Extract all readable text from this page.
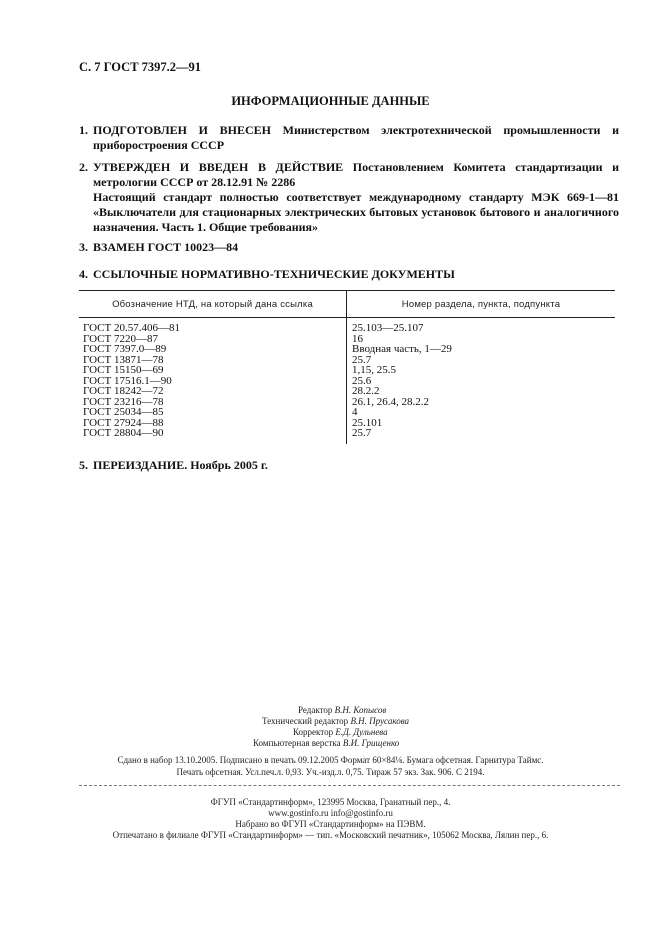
С. 7 ГОСТ 7397.2—91
ИНФОРМАЦИОННЫЕ ДАННЫЕ
1. ПОДГОТОВЛЕН И ВНЕСЕН Министерством электротехнической промышленности и приборостроения СССР
2. УТВЕРЖДЕН И ВВЕДЕН В ДЕЙСТВИЕ Постановлением Комитета стандартизации и метрологии СССР от 28.12.91 № 2286
Настоящий стандарт полностью соответствует международному стандарту МЭК 669-1—81 «Выключатели для стационарных электрических бытовых установок бытового и аналогичного назначения. Часть 1. Общие требования»
3. ВЗАМЕН ГОСТ 10023—84
4. ССЫЛОЧНЫЕ НОРМАТИВНО-ТЕХНИЧЕСКИЕ ДОКУМЕНТЫ
Обозначение НТД, на который дана ссылка	Номер раздела, пункта, подпункта
ГОСТ 20.57.406—81	25.103—25.107
ГОСТ 7220—87	16
ГОСТ 7397.0—89	Вводная часть, 1—29
ГОСТ 13871—78	25.7
ГОСТ 15150—69	1,15, 25.5
ГОСТ 17516.1—90	25.6
ГОСТ 18242—72	28.2.2
ГОСТ 23216—78	26.1, 26.4, 28.2.2
ГОСТ 25034—85	4
ГОСТ 27924—88	25.101
ГОСТ 28804—90	25.7
5. ПЕРЕИЗДАНИЕ. Ноябрь 2005 г.
Редактор В.Н. Копысов
Технический редактор В.Н. Прусакова
Корректор Е.Д. Дульнева
Компьютерная верстка В.И. Грищенко
Сдано в набор 13.10.2005. Подписано в печать 09.12.2005 Формат 60×84⅛. Бумага офсетная. Гарнитура Таймс.
Печать офсетная. Усл.печ.л. 0,93. Уч.-изд.л. 0,75. Тираж 57 экз. Зак. 906. С 2194.
ФГУП «Стандартинформ», 123995 Москва, Гранатный пер., 4.
www.gostinfo.ru info@gostinfo.ru
Набрано во ФГУП «Стандартинформ» на ПЭВМ.
Отпечатано в филиале ФГУП «Стандартинформ» — тип. «Московский печатник», 105062 Москва, Лялин пер., 6.
